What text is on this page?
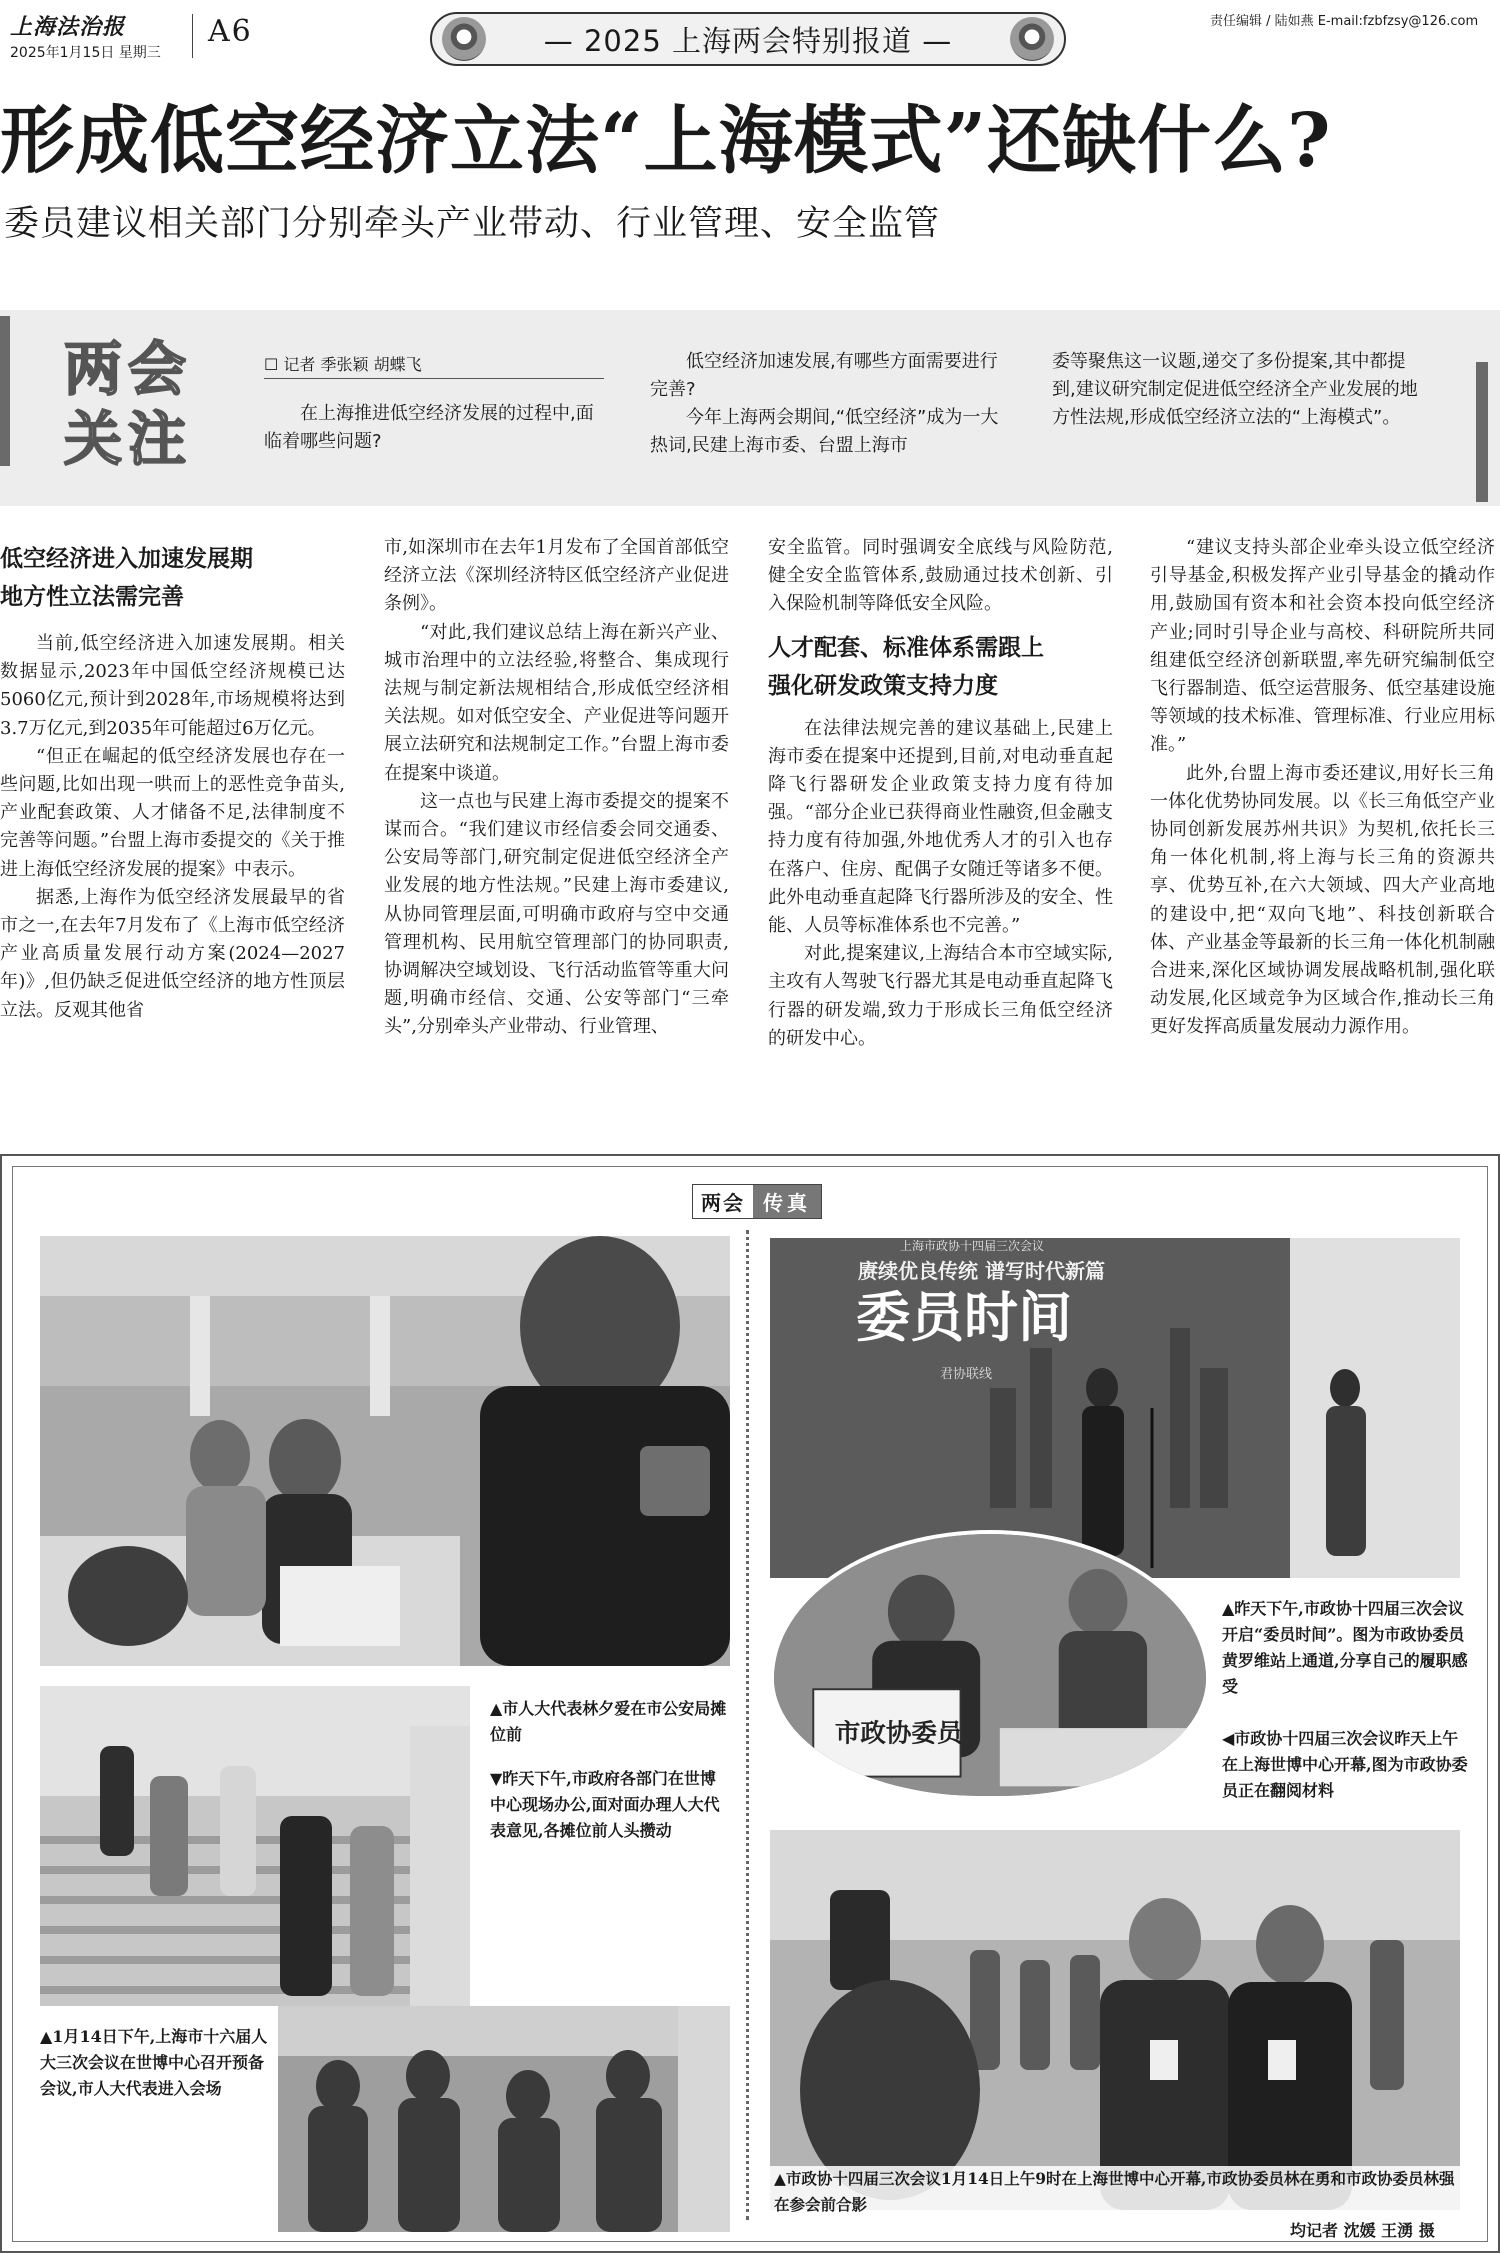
上海法治报
2025年1月15日 星期三
A6	— 2025 上海两会特别报道 —
责任编辑 / 陆如燕 E-mail:fzbfzsy@126.com
形成低空经济立法“上海模式”还缺什么?
委员建议相关部门分别牵头产业带动、行业管理、安全监管
两会
关注
☐ 记者 季张颖 胡蝶飞
在上海推进低空经济发展的过程中,面临着哪些问题?
低空经济加速发展,有哪些方面需要进行完善?
　　今年上海两会期间,“低空经济”成为一大热词,民建上海市委、台盟上海市
委等聚焦这一议题,递交了多份提案,其中都提到,建议研究制定促进低空经济全产业发展的地方性法规,形成低空经济立法的“上海模式”。
低空经济进入加速发展期
地方性立法需完善

当前,低空经济进入加速发展期。相关数据显示,2023年中国低空经济规模已达5060亿元,预计到2028年,市场规模将达到3.7万亿元,到2035年可能超过6万亿元。

“但正在崛起的低空经济发展也存在一些问题,比如出现一哄而上的恶性竞争苗头,产业配套政策、人才储备不足,法律制度不完善等问题。”台盟上海市委提交的《关于推进上海低空经济发展的提案》中表示。

据悉,上海作为低空经济发展最早的省市之一,在去年7月发布了《上海市低空经济产业高质量发展行动方案(2024—2027年)》,但仍缺乏促进低空经济的地方性顶层立法。反观其他省

市,如深圳市在去年1月发布了全国首部低空经济立法《深圳经济特区低空经济产业促进条例》。

“对此,我们建议总结上海在新兴产业、城市治理中的立法经验,将整合、集成现行法规与制定新法规相结合,形成低空经济相关法规。如对低空安全、产业促进等问题开展立法研究和法规制定工作。”台盟上海市委在提案中谈道。

这一点也与民建上海市委提交的提案不谋而合。“我们建议市经信委会同交通委、公安局等部门,研究制定促进低空经济全产业发展的地方性法规。”民建上海市委建议,从协同管理层面,可明确市政府与空中交通管理机构、民用航空管理部门的协同职责,协调解决空域划设、飞行活动监管等重大问题,明确市经信、交通、公安等部门“三牵头”,分别牵头产业带动、行业管理、

安全监管。同时强调安全底线与风险防范,健全安全监管体系,鼓励通过技术创新、引入保险机制等降低安全风险。

人才配套、标准体系需跟上
强化研发政策支持力度

在法律法规完善的建议基础上,民建上海市委在提案中还提到,目前,对电动垂直起降飞行器研发企业政策支持力度有待加强。“部分企业已获得商业性融资,但金融支持力度有待加强,外地优秀人才的引入也存在落户、住房、配偶子女随迁等诸多不便。此外电动垂直起降飞行器所涉及的安全、性能、人员等标准体系也不完善。”

对此,提案建议,上海结合本市空域实际,主攻有人驾驶飞行器尤其是电动垂直起降飞行器的研发端,致力于形成长三角低空经济的研发中心。

“建议支持头部企业牵头设立低空经济引导基金,积极发挥产业引导基金的撬动作用,鼓励国有资本和社会资本投向低空经济产业;同时引导企业与高校、科研院所共同组建低空经济创新联盟,率先研究编制低空飞行器制造、低空运营服务、低空基建设施等领域的技术标准、管理标准、行业应用标准。”

此外,台盟上海市委还建议,用好长三角一体化优势协同发展。以《长三角低空产业协同创新发展苏州共识》为契机,依托长三角一体化机制,将上海与长三角的资源共享、优势互补,在六大领域、四大产业高地的建设中,把“双向飞地”、科技创新联合体、产业基金等最新的长三角一体化机制融合进来,深化区域协调发展战略机制,强化联动发展,化区域竞争为区域合作,推动长三角更好发挥高质量发展动力源作用。

两会 传真
上海市政协十四届三次会议
赓续优良传统 谱写时代新篇
委员时间
君协联线
市政协委员
▲市人大代表林夕爱在市公安局摊位前
▼昨天下午,市政府各部门在世博中心现场办公,面对面办理人大代表意见,各摊位前人头攒动
▲1月14日下午,上海市十六届人大三次会议在世博中心召开预备会议,市人大代表进入会场
▲昨天下午,市政协十四届三次会议开启“委员时间”。图为市政协委员黄罗维站上通道,分享自己的履职感受
◀市政协十四届三次会议昨天上午在上海世博中心开幕,图为市政协委员正在翻阅材料
▲市政协十四届三次会议1月14日上午9时在上海世博中心开幕,市政协委员林在勇和市政协委员林强在参会前合影
均记者 沈媛 王湧 摄
